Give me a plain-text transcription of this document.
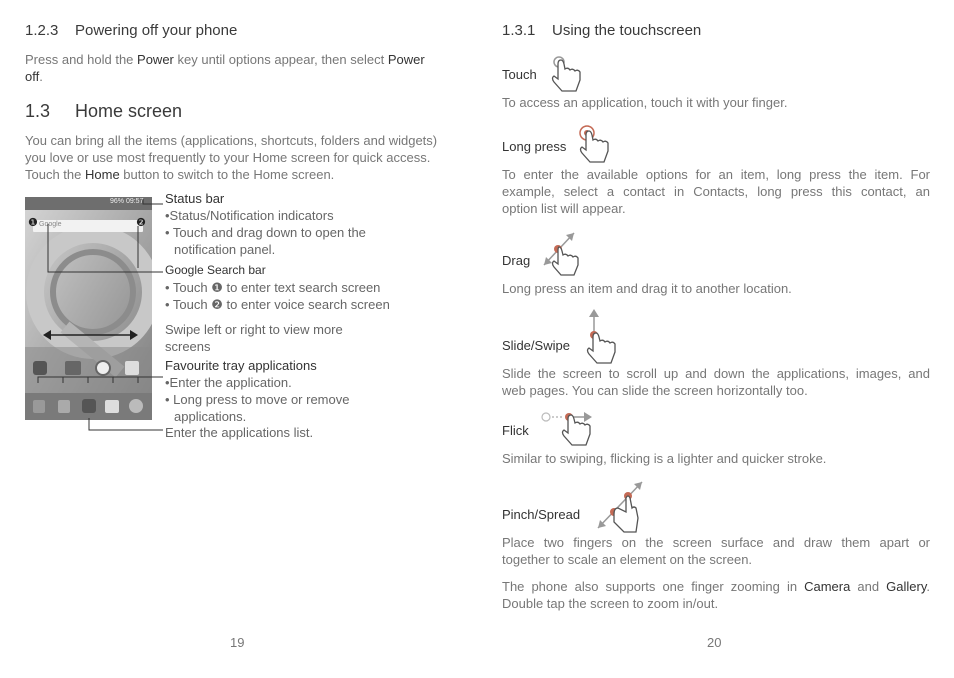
1.2.3 Powering off your phone
Press and hold the Power key until options appear, then select Power
off.
1.3 Home screen
You can bring all the items (applications, shortcuts, folders and widgets)
you love or use most frequently to your Home screen for quick access.
Touch the Home button to switch to the Home screen.
96% 09:57
Google
❶	❷
Status bar
•Status/Notification indicators
• Touch and drag down to open the
notification panel.
Google Search bar
• Touch ❶ to enter text search screen
• Touch ❷ to enter voice search screen
Swipe left or right to view more
screens
Favourite tray applications
•Enter the application.
• Long press to move or remove
applications.
Enter the applications list.
19
1.3.1 Using the touchscreen
Touch
To access an application, touch it with your finger.
Long press
To enter the available options for an item, long press the item. For
example, select a contact in Contacts, long press this contact, an
option list will appear.
Drag
Long press an item and drag it to another location.
Slide/Swipe
Slide the screen to scroll up and down the applications, images, and
web pages. You can slide the screen horizontally too.
Flick
Similar to swiping, flicking is a lighter and quicker stroke.
Pinch/Spread
Place two fingers on the screen surface and draw them apart or
together to scale an element on the screen.
The phone also supports one finger zooming in Camera and Gallery.
Double tap the screen to zoom in/out.
20
